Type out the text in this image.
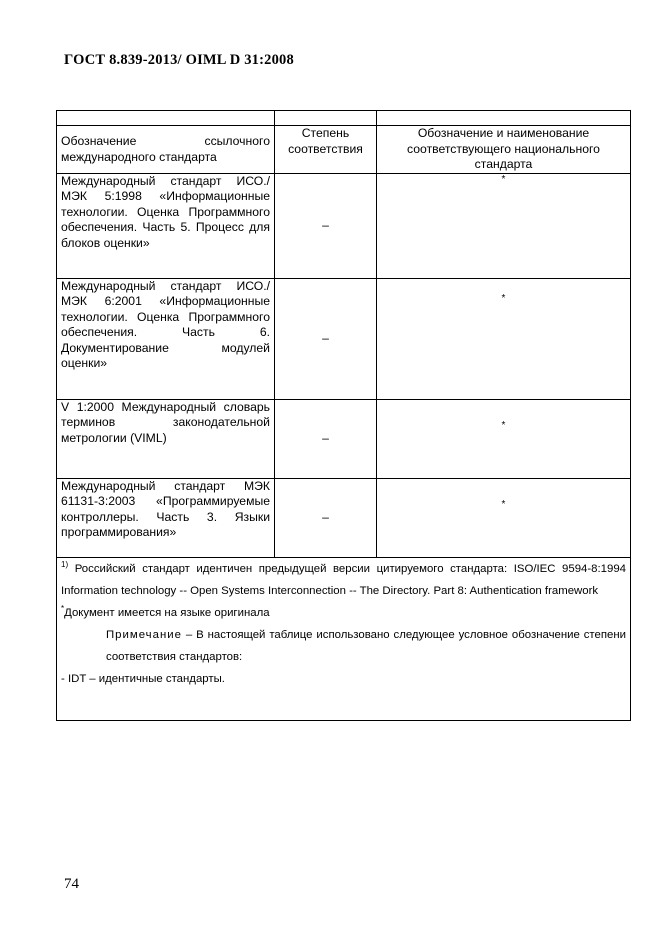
ГОСТ 8.839-2013/ OIML D 31:2008

Обозначение ссылочного международного стандарта	Степень соответствия	Обозначение и наименование соответствующего национального стандарта
Международный стандарт ИСО./МЭК 5:1998 «Информационные технологии. Оценка Программного обеспечения. Часть 5. Процесс для блоков оценки»	–	*
Международный стандарт ИСО./МЭК 6:2001 «Информационные технологии. Оценка Программного обеспечения. Часть 6. Документирование модулей оценки»	–	*
V 1:2000 Международный словарь терминов законодательной метрологии (VIML)	–	*
Международный стандарт МЭК 61131-3:2003 «Программируемые контроллеры. Часть 3. Языки программирования»	–	*

$^{1)}$ Российский стандарт идентичен предыдущей версии цитируемого стандарта: ISO/IEC 9594-8:1994 Information technology -- Open Systems Interconnection -- The Directory. Part 8: Authentication framework

*Документ имеется на языке оригинала

Примечание – В настоящей таблице использовано следующее условное обозначение степени соответствия стандартов:

- IDT – идентичные стандарты.		

74
